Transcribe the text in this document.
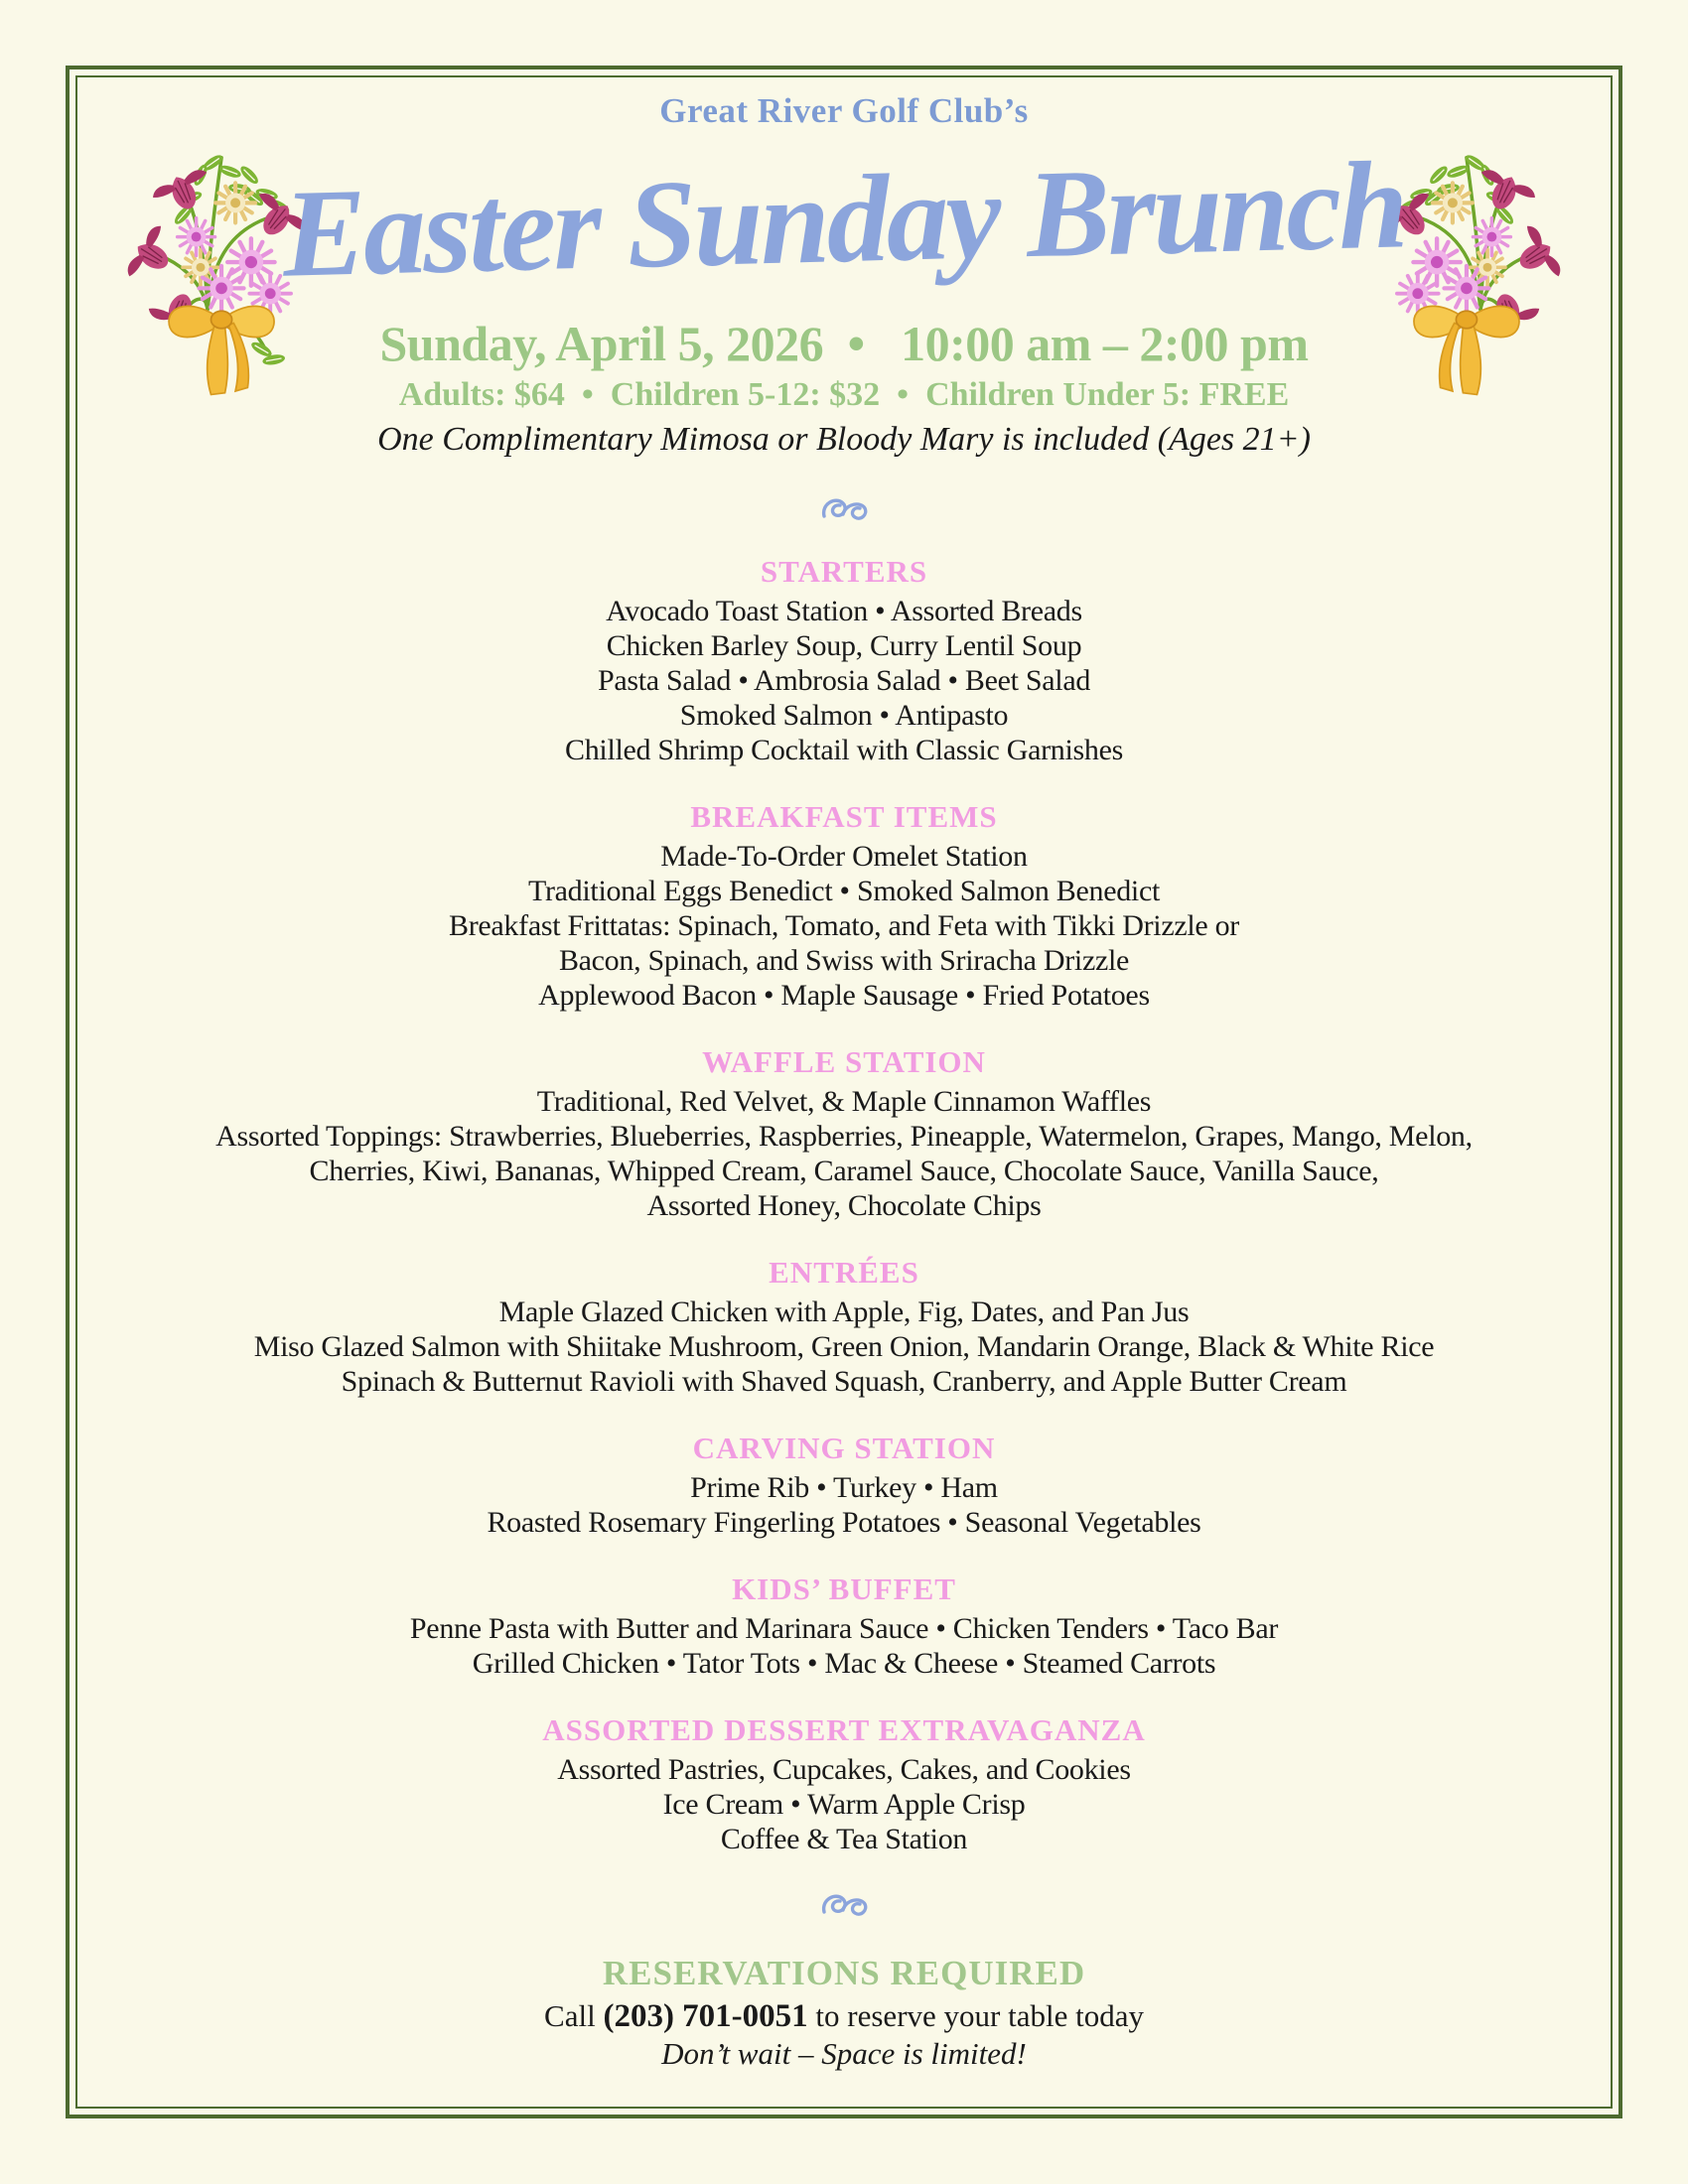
Great River Golf Club’s
Easter Sunday Brunch
Sunday, April 5, 2026 •  10:00 am – 2:00 pm
Adults: $64 • Children 5-12: $32 • Children Under 5: FREE
One Complimentary Mimosa or Bloody Mary is included (Ages 21+)
STARTERS
Avocado Toast Station • Assorted Breads
Chicken Barley Soup, Curry Lentil Soup
Pasta Salad • Ambrosia Salad • Beet Salad
Smoked Salmon • Antipasto
Chilled Shrimp Cocktail with Classic Garnishes
BREAKFAST ITEMS
Made-To-Order Omelet Station
Traditional Eggs Benedict • Smoked Salmon Benedict
Breakfast Frittatas: Spinach, Tomato, and Feta with Tikki Drizzle or
Bacon, Spinach, and Swiss with Sriracha Drizzle
Applewood Bacon • Maple Sausage • Fried Potatoes
WAFFLE STATION
Traditional, Red Velvet, & Maple Cinnamon Waffles
Assorted Toppings: Strawberries, Blueberries, Raspberries, Pineapple, Watermelon, Grapes, Mango, Melon,
Cherries, Kiwi, Bananas, Whipped Cream, Caramel Sauce, Chocolate Sauce, Vanilla Sauce,
Assorted Honey, Chocolate Chips
ENTRÉES
Maple Glazed Chicken with Apple, Fig, Dates, and Pan Jus
Miso Glazed Salmon with Shiitake Mushroom, Green Onion, Mandarin Orange, Black & White Rice
Spinach & Butternut Ravioli with Shaved Squash, Cranberry, and Apple Butter Cream
CARVING STATION
Prime Rib • Turkey • Ham
Roasted Rosemary Fingerling Potatoes • Seasonal Vegetables
KIDS’ BUFFET
Penne Pasta with Butter and Marinara Sauce • Chicken Tenders • Taco Bar
Grilled Chicken • Tator Tots • Mac & Cheese • Steamed Carrots
ASSORTED DESSERT EXTRAVAGANZA
Assorted Pastries, Cupcakes, Cakes, and Cookies
Ice Cream • Warm Apple Crisp
Coffee & Tea Station
RESERVATIONS REQUIRED
Call (203) 701-0051 to reserve your table today
Don’t wait – Space is limited!
